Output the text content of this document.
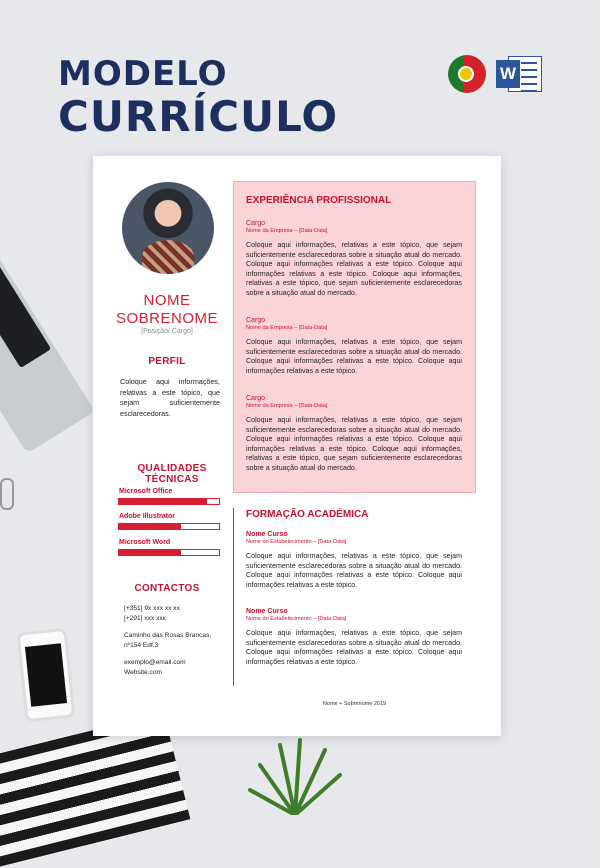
MODELO
CURRÍCULO
W
NOME
SOBRENOME
[Posição/ Cargo]
PERFIL
Coloque aqui informações, relativas a este tópico, que sejam suficientemente esclarecedoras.
QUALIDADES TÉCNICAS
Microsoft Office
Adobe Illustrator
Microsoft Word
CONTACTOS
[+351] 9x xxx xx xx
[+291] xxx xxx
Caminho das Rosas Brancas,
nº154 Edf.3
exemplo@email.com
Website.com
EXPERIÊNCIA PROFISSIONAL
Cargo
Nome da Empresa – [Data-Data]
Coloque aqui informações, relativas a este tópico, que sejam suficientemente esclarecedoras sobre a situação atual do mercado. Coloque aqui informações relativas a este tópico. Coloque aqui informações relativas a este tópico. Coloque aqui informações, relativas a este tópico, que sejam suficientemente esclarecedoras sobre a situação atual do mercado.
Cargo
Nome da Empresa – [Data-Data]
Coloque aqui informações, relativas a este tópico, que sejam suficientemente esclarecedoras sobre a situação atual do mercado. Coloque aqui informações relativas a este tópico. Coloque aqui informações relativas a este tópico.
Cargo
Nome da Empresa – [Data-Data]
Coloque aqui informações, relativas a este tópico, que sejam suficientemente esclarecedoras sobre a situação atual do mercado. Coloque aqui informações relativas a este tópico. Coloque aqui informações relativas a este tópico. Coloque aqui informações, relativas a este tópico, que sejam suficientemente esclarecedoras sobre a situação atual do mercado.
FORMAÇÃO ACADÉMICA
Nome Curso
Nome do Estabelecimento – [Data-Data]
Coloque aqui informações, relativas a este tópico, que sejam suficientemente esclarecedoras sobre a situação atual do mercado. Coloque aqui informações relativas a este tópico. Coloque aqui informações relativas a este tópico.
Nome Curso
Nome do Estabelecimento – [Data-Data]
Coloque aqui informações, relativas a este tópico, que sejam suficientemente esclarecedoras sobre a situação atual do mercado. Coloque aqui informações relativas a este tópico. Coloque aqui informações relativas a este tópico.
Nome + Sobrenome 2019
